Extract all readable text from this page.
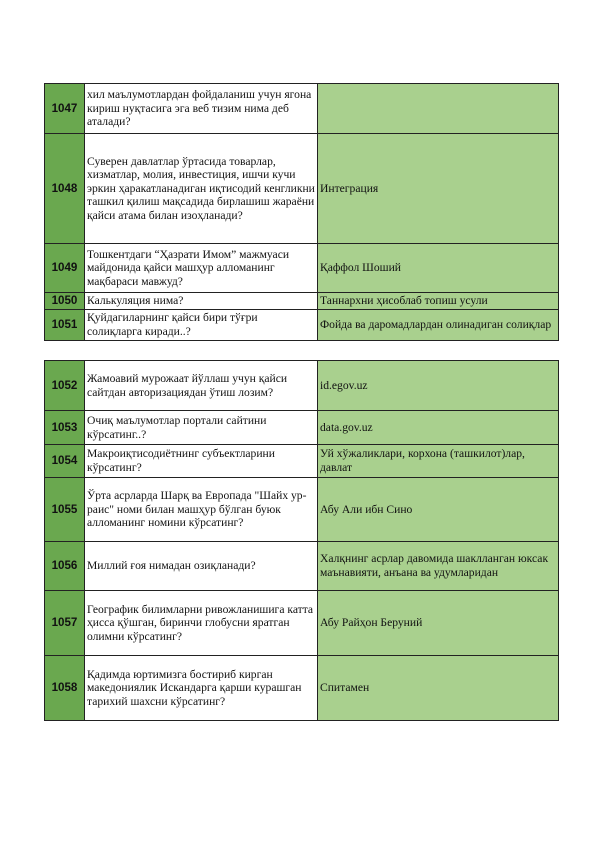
1047	хил маълумотлардан фойдаланиш учун ягона кириш нуқтасига эга веб тизим нима деб аталади?	
1048	Суверен давлатлар ўртасида товарлар, хизматлар, молия, инвестиция, ишчи кучи эркин ҳаракатланадиган иқтисодий кенгликни ташкил қилиш мақсадида бирлашиш жараёни қайси атама билан изоҳланади?	Интеграция
1049	Тошкентдаги “Ҳазрати Имом” мажмуаси майдонида қайси машҳур алломанинг мақбараси мавжуд?	Қаффол Шоший
1050	Калькуляция нима?	Таннархни ҳисоблаб топиш усули
1051	Қуйдагиларнинг қайси бири тўғри солиқларга киради..?	Фойда ва даромадлардан олинадиган солиқлар
1052	Жамоавий мурожаат йўллаш учун қайси сайтдан авторизациядан ўтиш лозим?	id.egov.uz
1053	Очиқ маълумотлар портали сайтини кўрсатинг..?	data.gov.uz
1054	Макроиқтисодиётнинг субъектларини кўрсатинг?	Уй хўжаликлари, корхона (ташкилот)лар, давлат
1055	Ўрта асрларда Шарқ ва Европада "Шайх ур-раис" номи билан машҳур бўлган буюк алломанинг номини кўрсатинг?	Абу Али ибн Сино
1056	Миллий ғоя нимадан озиқланади?	Халқнинг асрлар давомида шаклланган юксак маънавияти, анъана ва удумларидан
1057	Географик билимларни ривожланишига катта ҳисса қўшган, биринчи глобусни яратган олимни кўрсатинг?	Абу Райҳон Беруний
1058	Қадимда юртимизга бостириб кирган македониялик Искандарга қарши курашган тарихий шахсни кўрсатинг?	Спитамен
